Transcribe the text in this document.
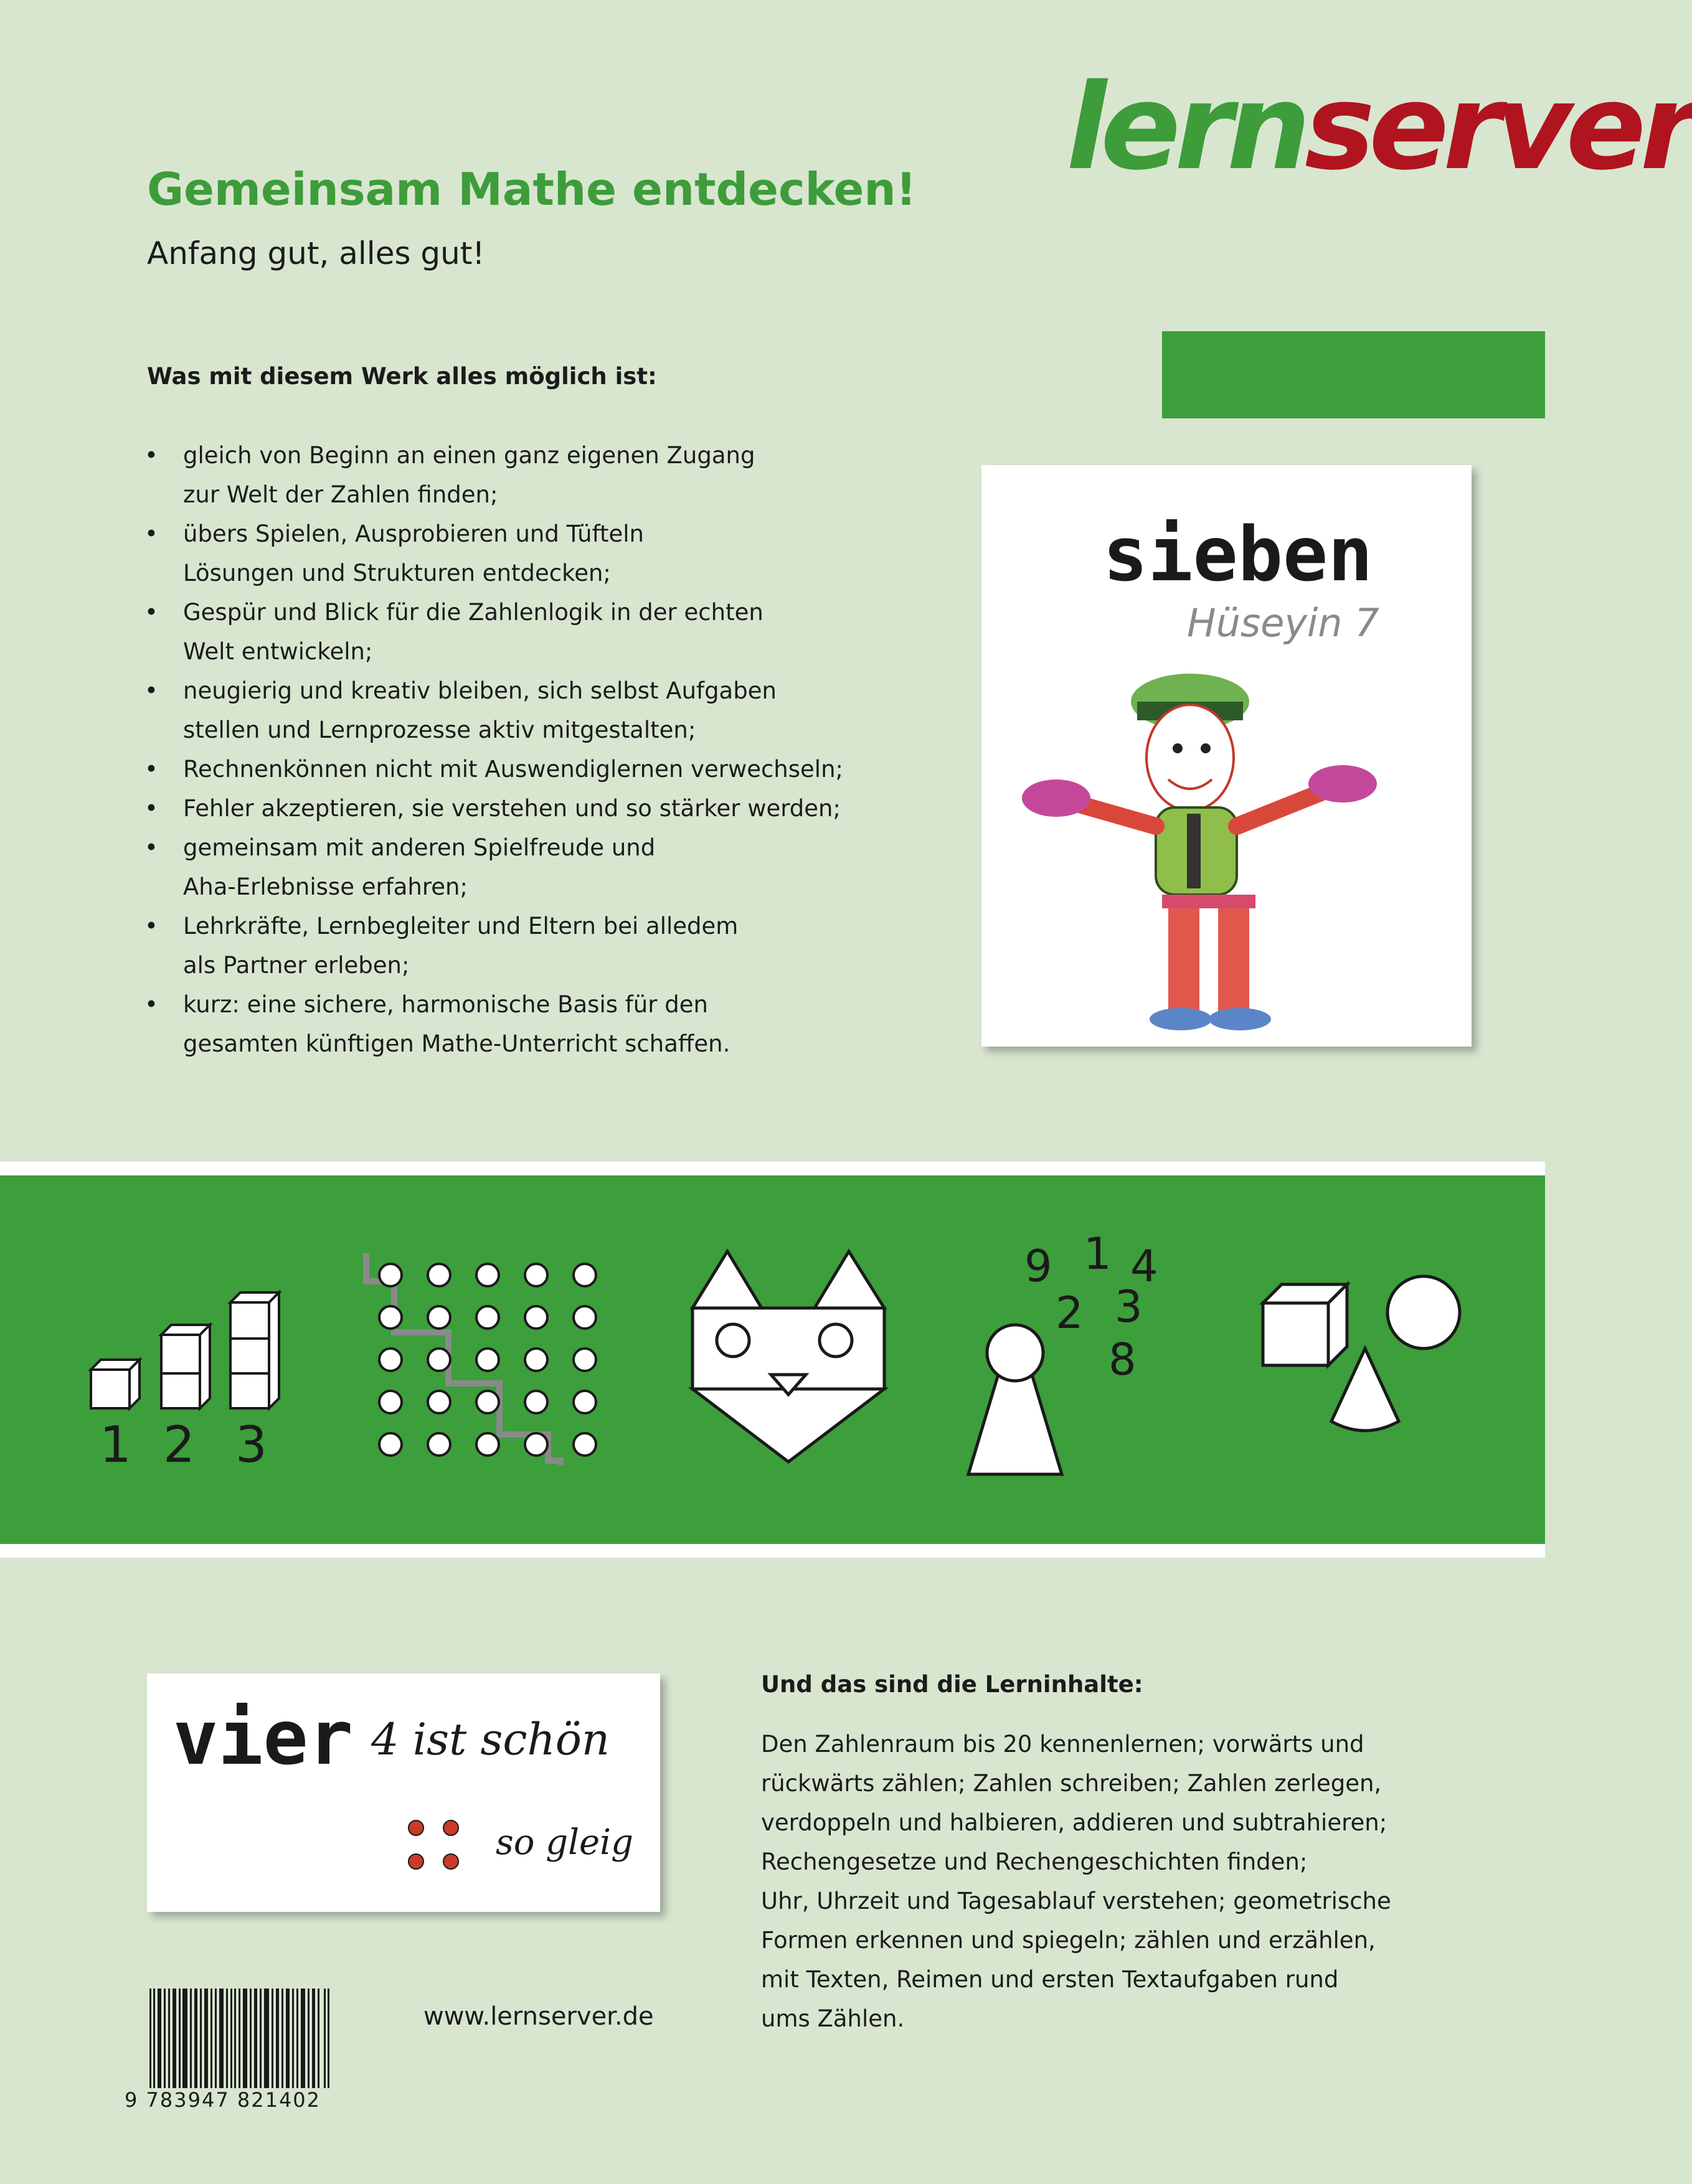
lernserver
Gemeinsam Mathe entdecken!
Anfang gut, alles gut!
Was mit diesem Werk alles möglich ist:
• gleich von Beginn an einen ganz eigenen Zugang
zur Welt der Zahlen finden;
• übers Spielen, Ausprobieren und Tüfteln
Lösungen und Strukturen entdecken;
• Gespür und Blick für die Zahlenlogik in der echten
Welt entwickeln;
• neugierig und kreativ bleiben, sich selbst Aufgaben
stellen und Lernprozesse aktiv mitgestalten;
• Rechnenkönnen nicht mit Auswendiglernen verwechseln;
• Fehler akzeptieren, sie verstehen und so stärker werden;
• gemeinsam mit anderen Spielfreude und
Aha-Erlebnisse erfahren;
• Lehrkräfte, Lernbegleiter und Eltern bei alledem
als Partner erleben;
• kurz: eine sichere, harmonische Basis für den
gesamten künftigen Mathe-Unterricht schaffen.
sieben
Hüseyin 7
1 2 3
9 1 4
2 3
8
vier 4 ist schön
so gleig
Und das sind die Lerninhalte:
Den Zahlenraum bis 20 kennenlernen; vorwärts und
rückwärts zählen; Zahlen schreiben; Zahlen zerlegen,
verdoppeln und halbieren, addieren und subtrahieren;
Rechengesetze und Rechengeschichten finden;
Uhr, Uhrzeit und Tagesablauf verstehen; geometrische
Formen erkennen und spiegeln; zählen und erzählen,
mit Texten, Reimen und ersten Textaufgaben rund
ums Zählen.
9 783947 821402
www.lernserver.de
